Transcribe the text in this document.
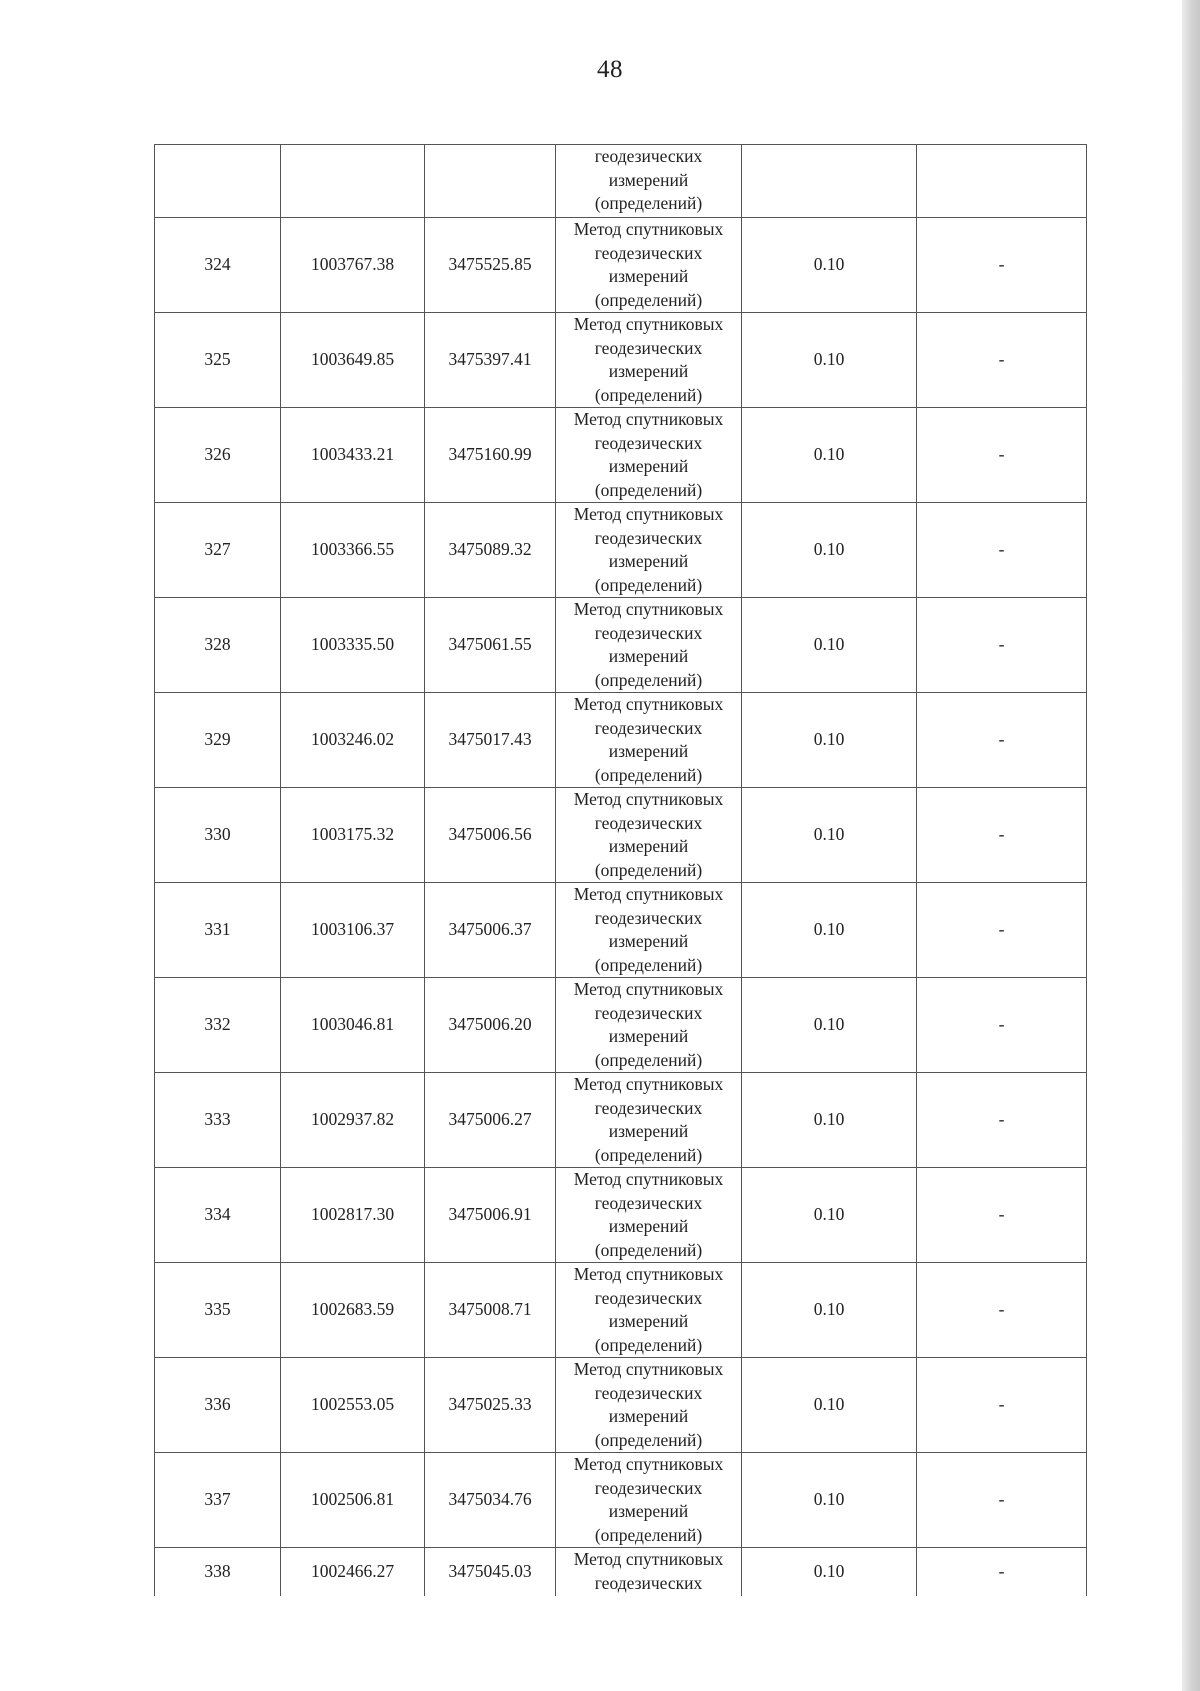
48
			геодезических
измерений
(определений)		
324	1003767.38	3475525.85	Метод спутниковых
геодезических
измерений
(определений)	0.10	-
325	1003649.85	3475397.41	Метод спутниковых
геодезических
измерений
(определений)	0.10	-
326	1003433.21	3475160.99	Метод спутниковых
геодезических
измерений
(определений)	0.10	-
327	1003366.55	3475089.32	Метод спутниковых
геодезических
измерений
(определений)	0.10	-
328	1003335.50	3475061.55	Метод спутниковых
геодезических
измерений
(определений)	0.10	-
329	1003246.02	3475017.43	Метод спутниковых
геодезических
измерений
(определений)	0.10	-
330	1003175.32	3475006.56	Метод спутниковых
геодезических
измерений
(определений)	0.10	-
331	1003106.37	3475006.37	Метод спутниковых
геодезических
измерений
(определений)	0.10	-
332	1003046.81	3475006.20	Метод спутниковых
геодезических
измерений
(определений)	0.10	-
333	1002937.82	3475006.27	Метод спутниковых
геодезических
измерений
(определений)	0.10	-
334	1002817.30	3475006.91	Метод спутниковых
геодезических
измерений
(определений)	0.10	-
335	1002683.59	3475008.71	Метод спутниковых
геодезических
измерений
(определений)	0.10	-
336	1002553.05	3475025.33	Метод спутниковых
геодезических
измерений
(определений)	0.10	-
337	1002506.81	3475034.76	Метод спутниковых
геодезических
измерений
(определений)	0.10	-
338	1002466.27	3475045.03	Метод спутниковых
геодезических	0.10	-
